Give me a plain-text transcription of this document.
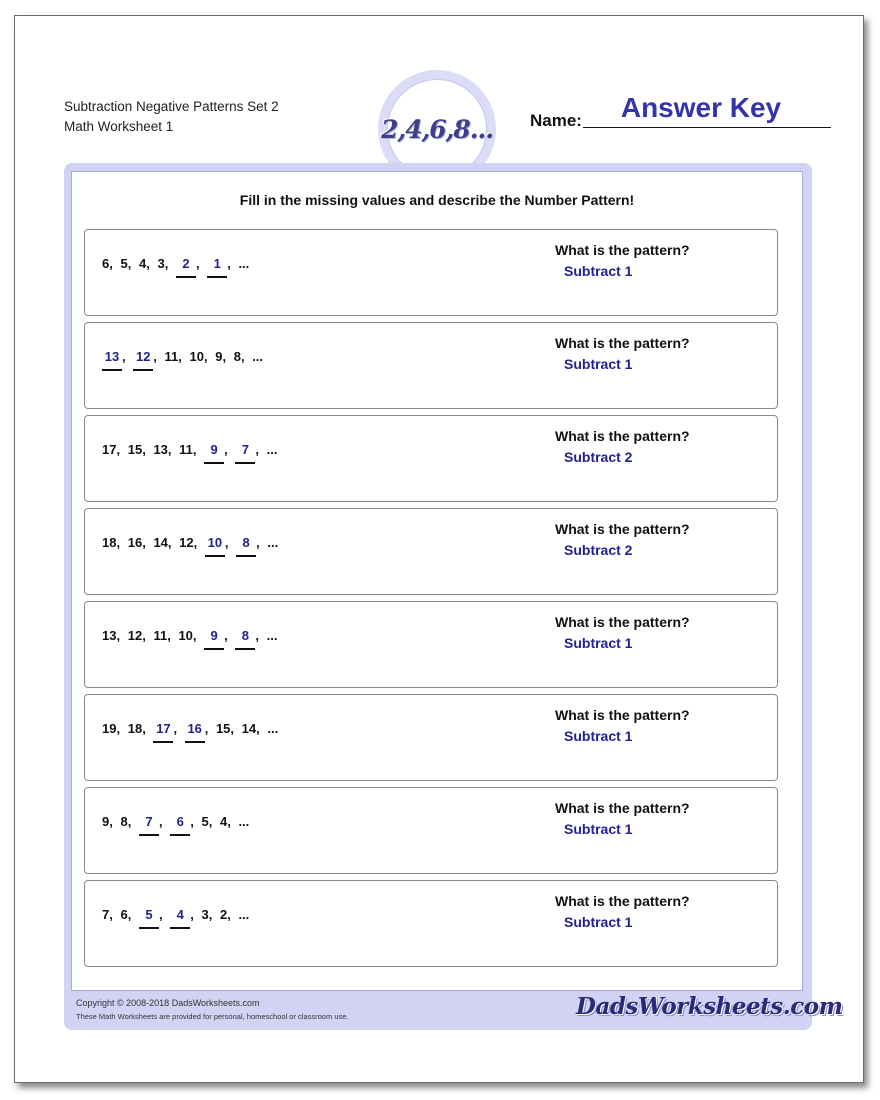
Subtraction Negative Patterns Set 2
Math Worksheet 1	2,4,6,8... Name:	Answer Key
Fill in the missing values and describe the Number Pattern!
6, 5, 4, 3, 2 , 1 , ...
What is the pattern?
Subtract 1
13 , 12 , 11, 10, 9, 8, ...
What is the pattern?
Subtract 1
17, 15, 13, 11, 9 , 7 , ...
What is the pattern?
Subtract 2
18, 16, 14, 12, 10 , 8 , ...
What is the pattern?
Subtract 2
13, 12, 11, 10, 9 , 8 , ...
What is the pattern?
Subtract 1
19, 18, 17 , 16 , 15, 14, ...
What is the pattern?
Subtract 1
9, 8, 7 , 6 , 5, 4, ...
What is the pattern?
Subtract 1
7, 6, 5 , 4 , 3, 2, ...
What is the pattern?
Subtract 1
Copyright © 2008-2018 DadsWorksheets.com
These Math Worksheets are provided for personal, homeschool or classroom use.	DadsWorksheets.com
